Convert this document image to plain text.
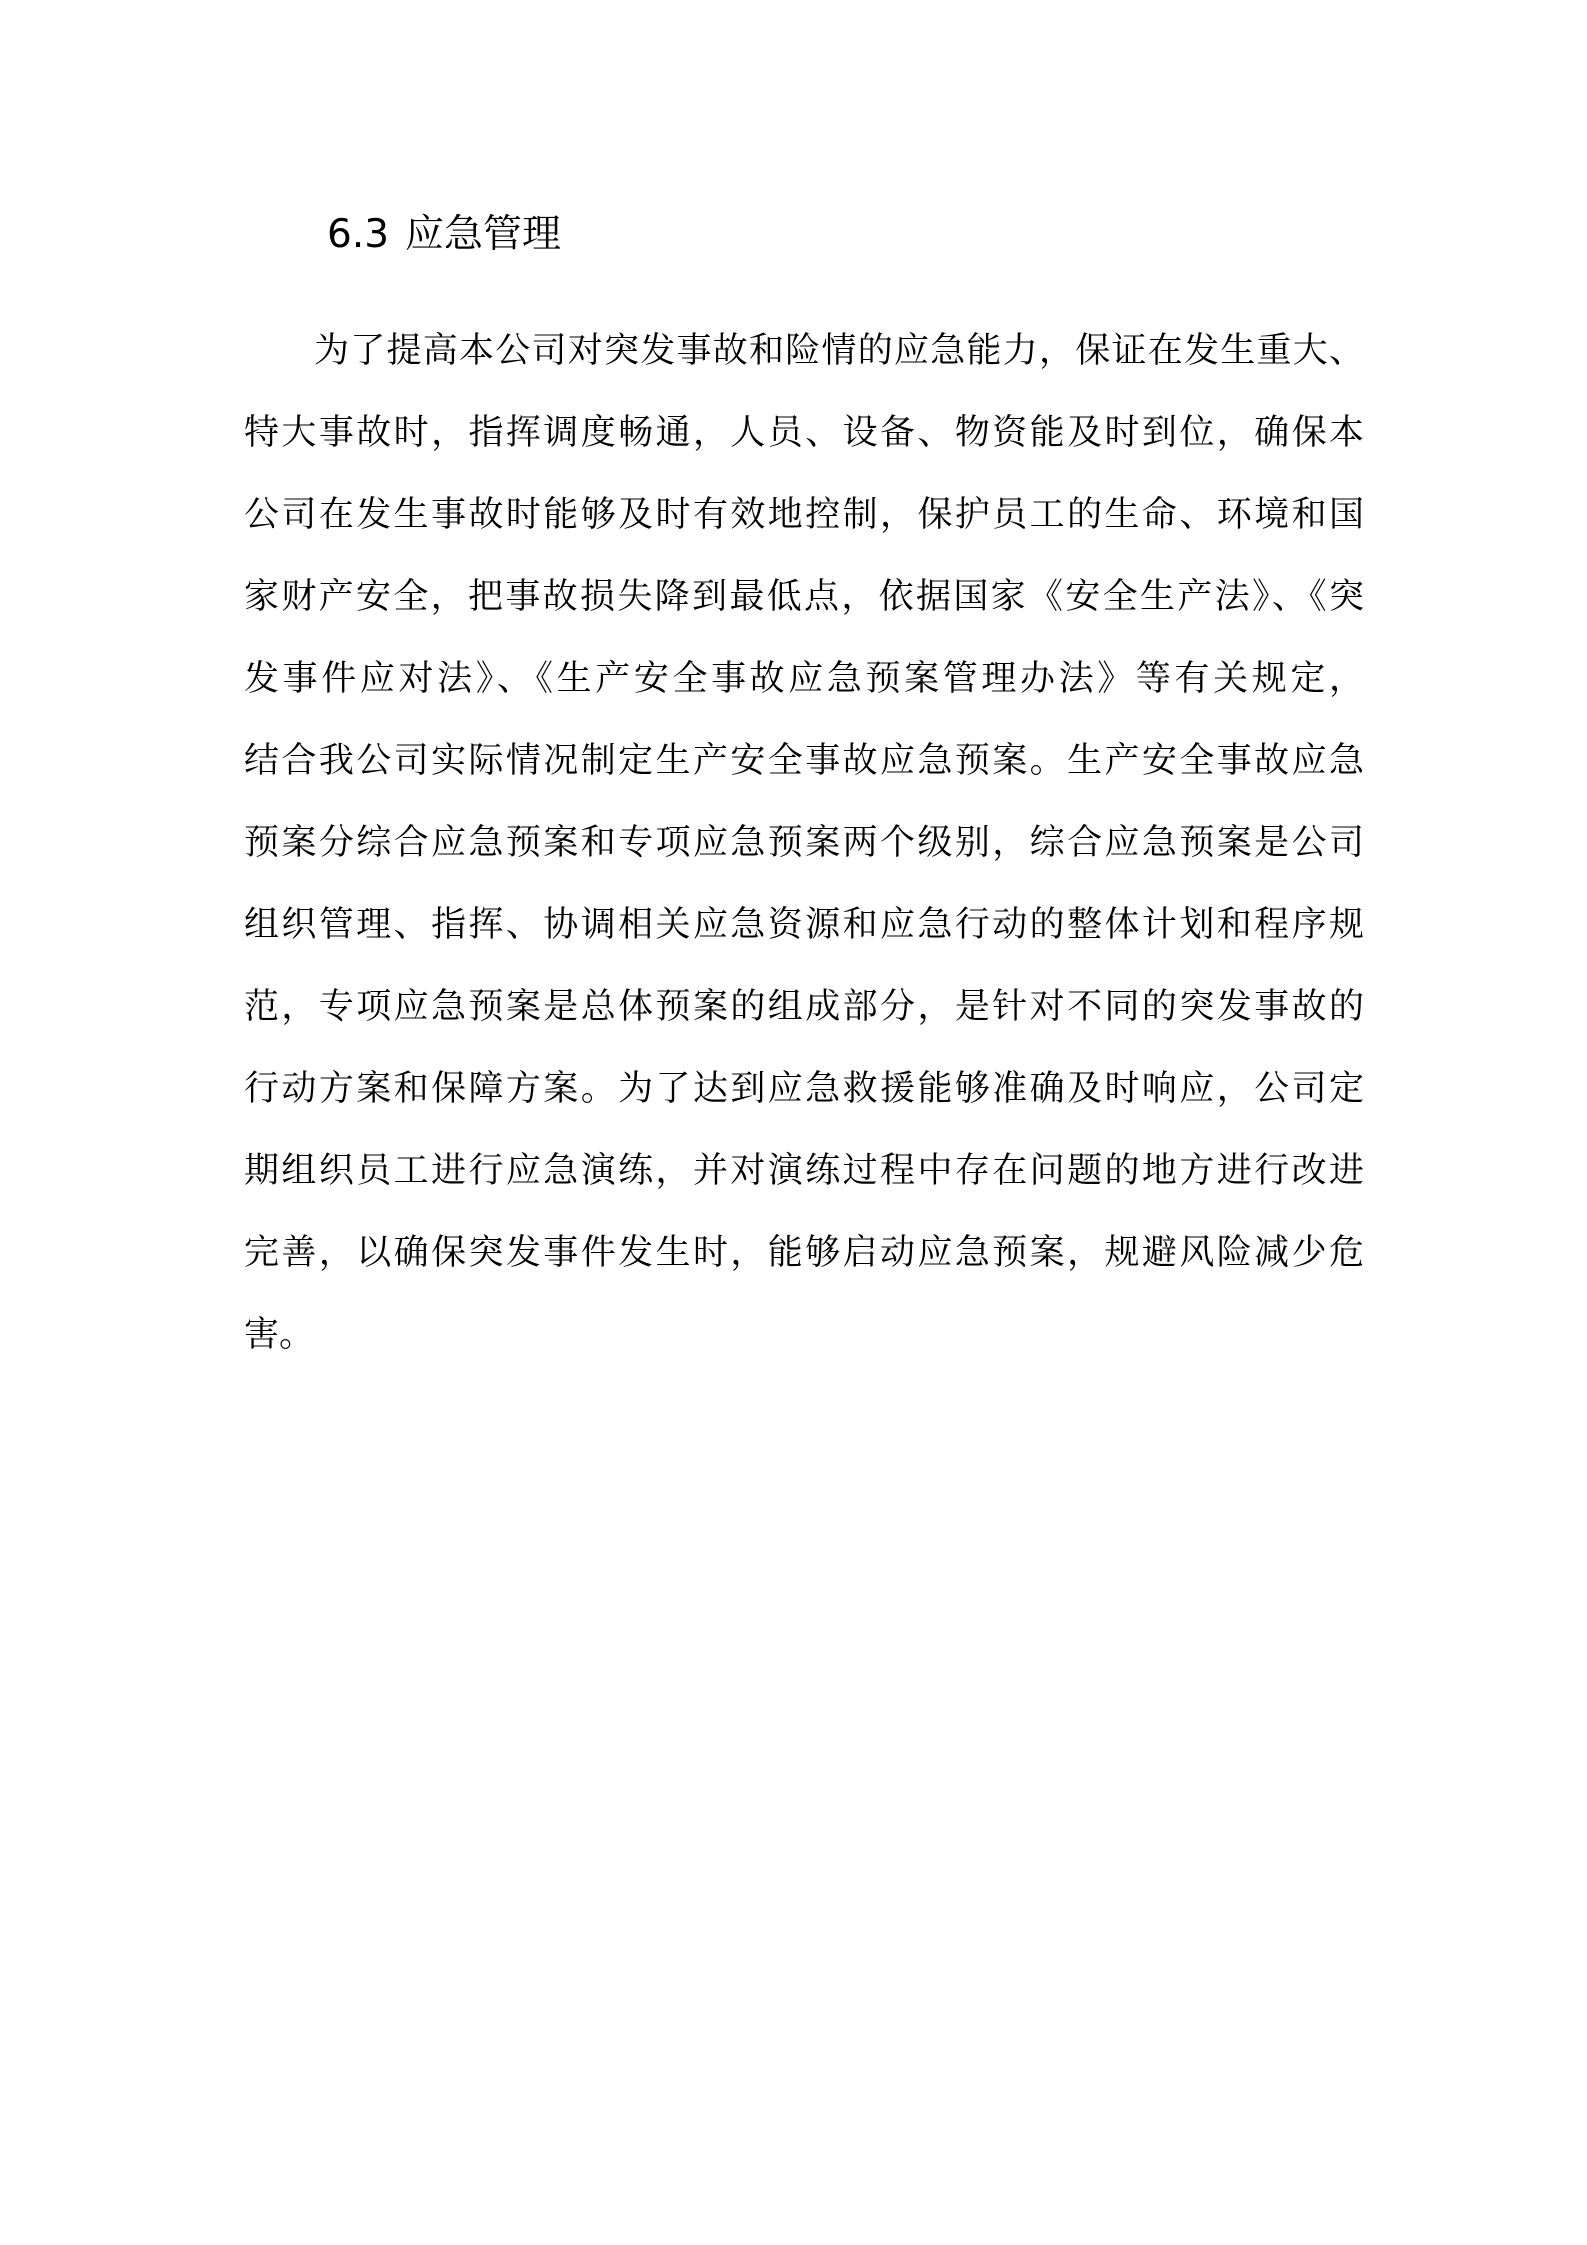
6.3 应急管理
为了提高本公司对突发事故和险情的应急能力，保证在发生重大、
特大事故时，指挥调度畅通，人员、设备、物资能及时到位，确保本
公司在发生事故时能够及时有效地控制，保护员工的生命、环境和国
家财产安全，把事故损失降到最低点，依据国家《安全生产法》、《突
发事件应对法》、《生产安全事故应急预案管理办法》等有关规定，
结合我公司实际情况制定生产安全事故应急预案。生产安全事故应急
预案分综合应急预案和专项应急预案两个级别，综合应急预案是公司
组织管理、指挥、协调相关应急资源和应急行动的整体计划和程序规
范，专项应急预案是总体预案的组成部分，是针对不同的突发事故的
行动方案和保障方案。为了达到应急救援能够准确及时响应，公司定
期组织员工进行应急演练，并对演练过程中存在问题的地方进行改进
完善，以确保突发事件发生时，能够启动应急预案，规避风险减少危
害。
